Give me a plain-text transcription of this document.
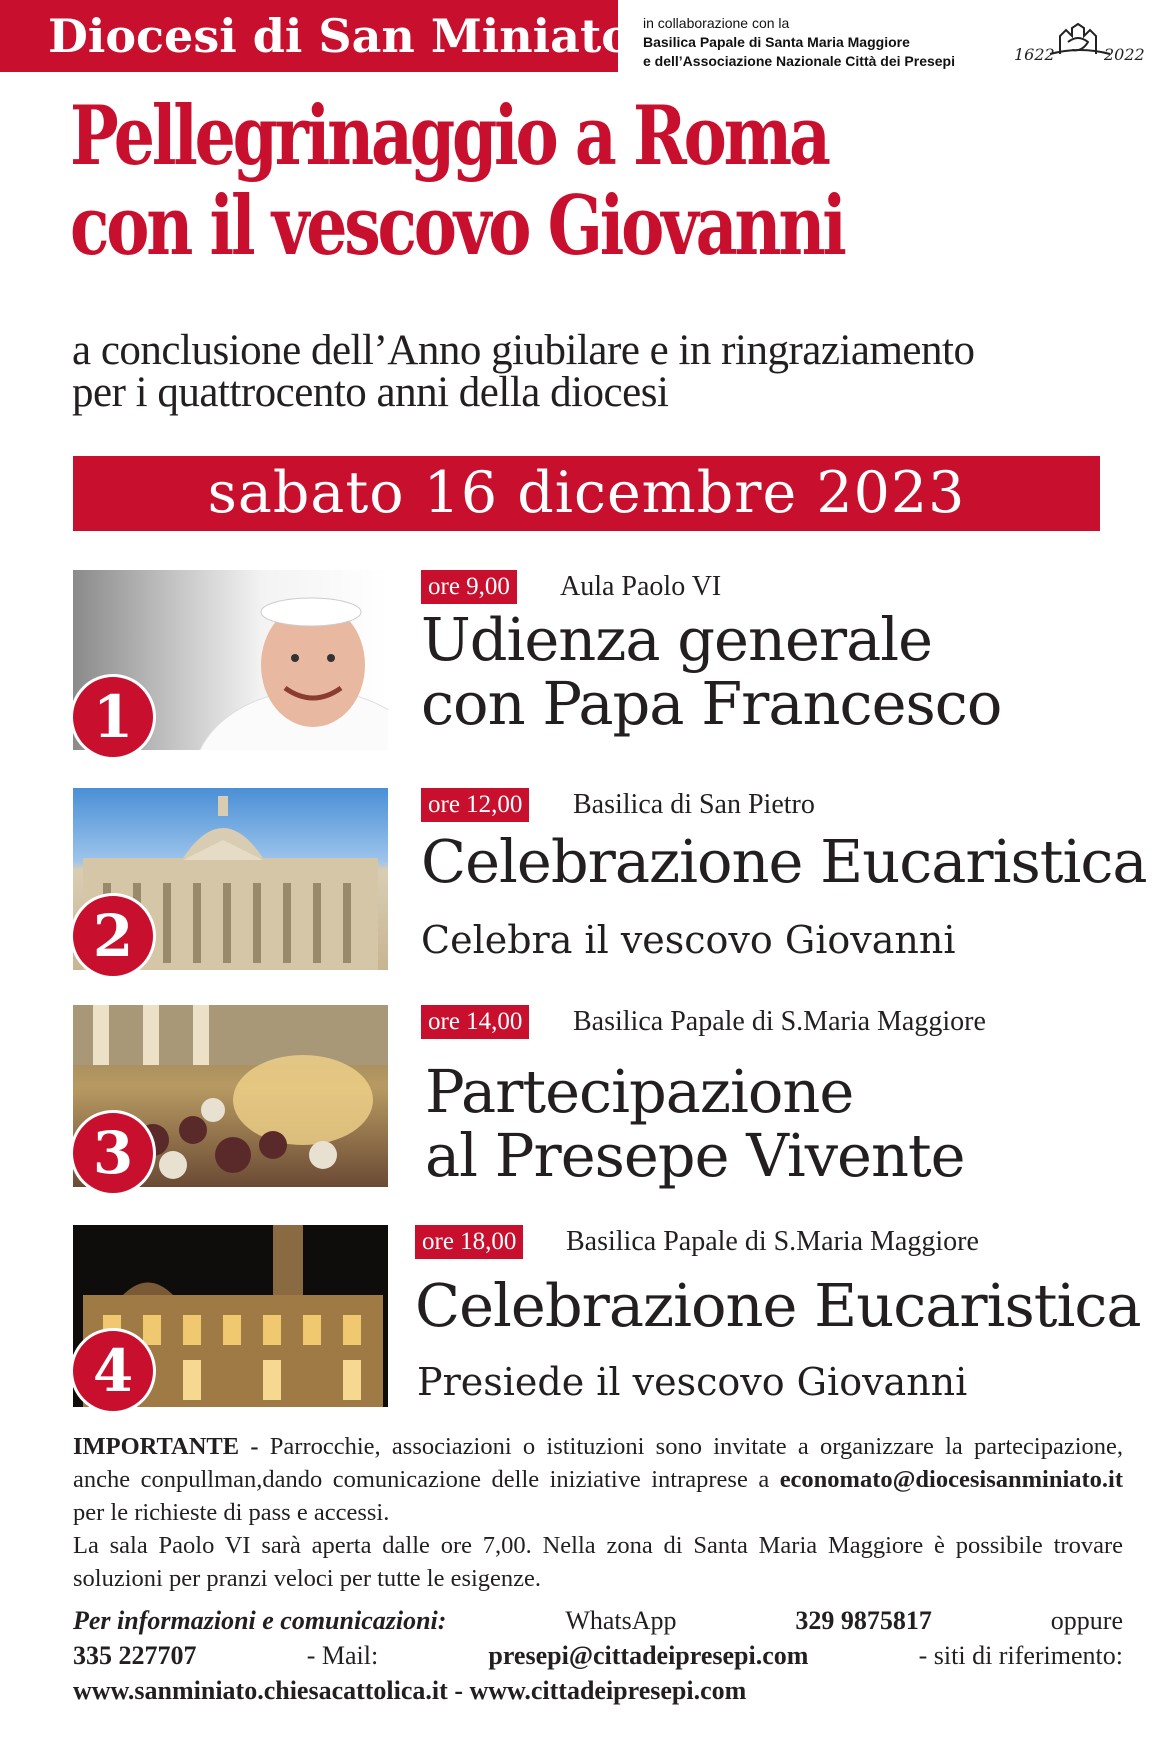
Diocesi di San Miniato in collaborazione con la
Basilica Papale di Santa Maria Maggiore
e dell’Associazione Nazionale Città dei Presepi	1622	2022
Pellegrinaggio a Roma
con il vescovo Giovanni
a conclusione dell’Anno giubilare e in ringraziamento
per i quattrocento anni della diocesi
sabato 16 dicembre 2023
1
ore 9,00 Aula Paolo VI
Udienza generale
con Papa Francesco
2
ore 12,00 Basilica di San Pietro
Celebrazione Eucaristica
Celebra il vescovo Giovanni
3
ore 14,00 Basilica Papale di S.Maria Maggiore
Partecipazione
al Presepe Vivente
4
ore 18,00 Basilica Papale di S.Maria Maggiore
Celebrazione Eucaristica
Presiede il vescovo Giovanni
IMPORTANTE - Parrocchie, associazioni o istituzioni sono invitate a organizzare la partecipazione, anche conpullman,dando comunicazione delle iniziative intraprese a economato@diocesisanminiato.it per le richieste di pass e accessi.
La sala Paolo VI sarà aperta dalle ore 7,00. Nella zona di Santa Maria Maggiore è possibile trovare soluzioni per pranzi veloci per tutte le esigenze.
Per informazioni e comunicazioni:	WhatsApp	329 9875817	oppure
335 227707	- Mail:	presepi@cittadeipresepi.com	- siti di riferimento:
www.sanminiato.chiesacattolica.it - www.cittadeipresepi.com
